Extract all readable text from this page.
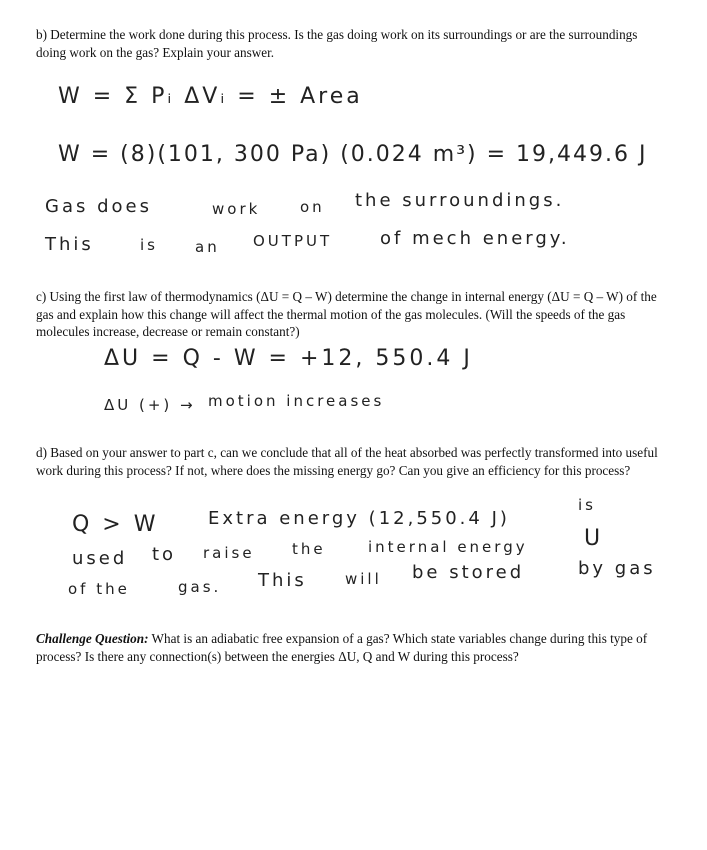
b) Determine the work done during this process. Is the gas doing work on its surroundings or are the surroundings doing work on the gas? Explain your answer.
W = Σ Pᵢ ΔVᵢ = ± Area
W = (8)(101, 300 Pa) (0.024 m³) = 19,449.6 J
Gas does	work	on the surroundings.
This	is an OUTPUT	of mech energy.
c) Using the first law of thermodynamics (ΔU = Q – W) determine the change in internal energy (ΔU = Q – W) of the gas and explain how this change will affect the thermal motion of the gas molecules. (Will the speeds of the gas molecules increase, decrease or remain constant?)
ΔU = Q - W = +12, 550.4 J
ΔU (+) → motion increases
d) Based on your answer to part c, can we conclude that all of the heat absorbed was perfectly transformed into useful work during this process? If not, where does the missing energy go? Can you give an efficiency for this process?
Q > W	Extra energy (12,550.4 J)
is
used to raise the	internal energy	U
of the	gas. This	will be stored	by gas
Challenge Question: What is an adiabatic free expansion of a gas? Which state variables change during this type of process? Is there any connection(s) between the energies ΔU, Q and W during this process?
